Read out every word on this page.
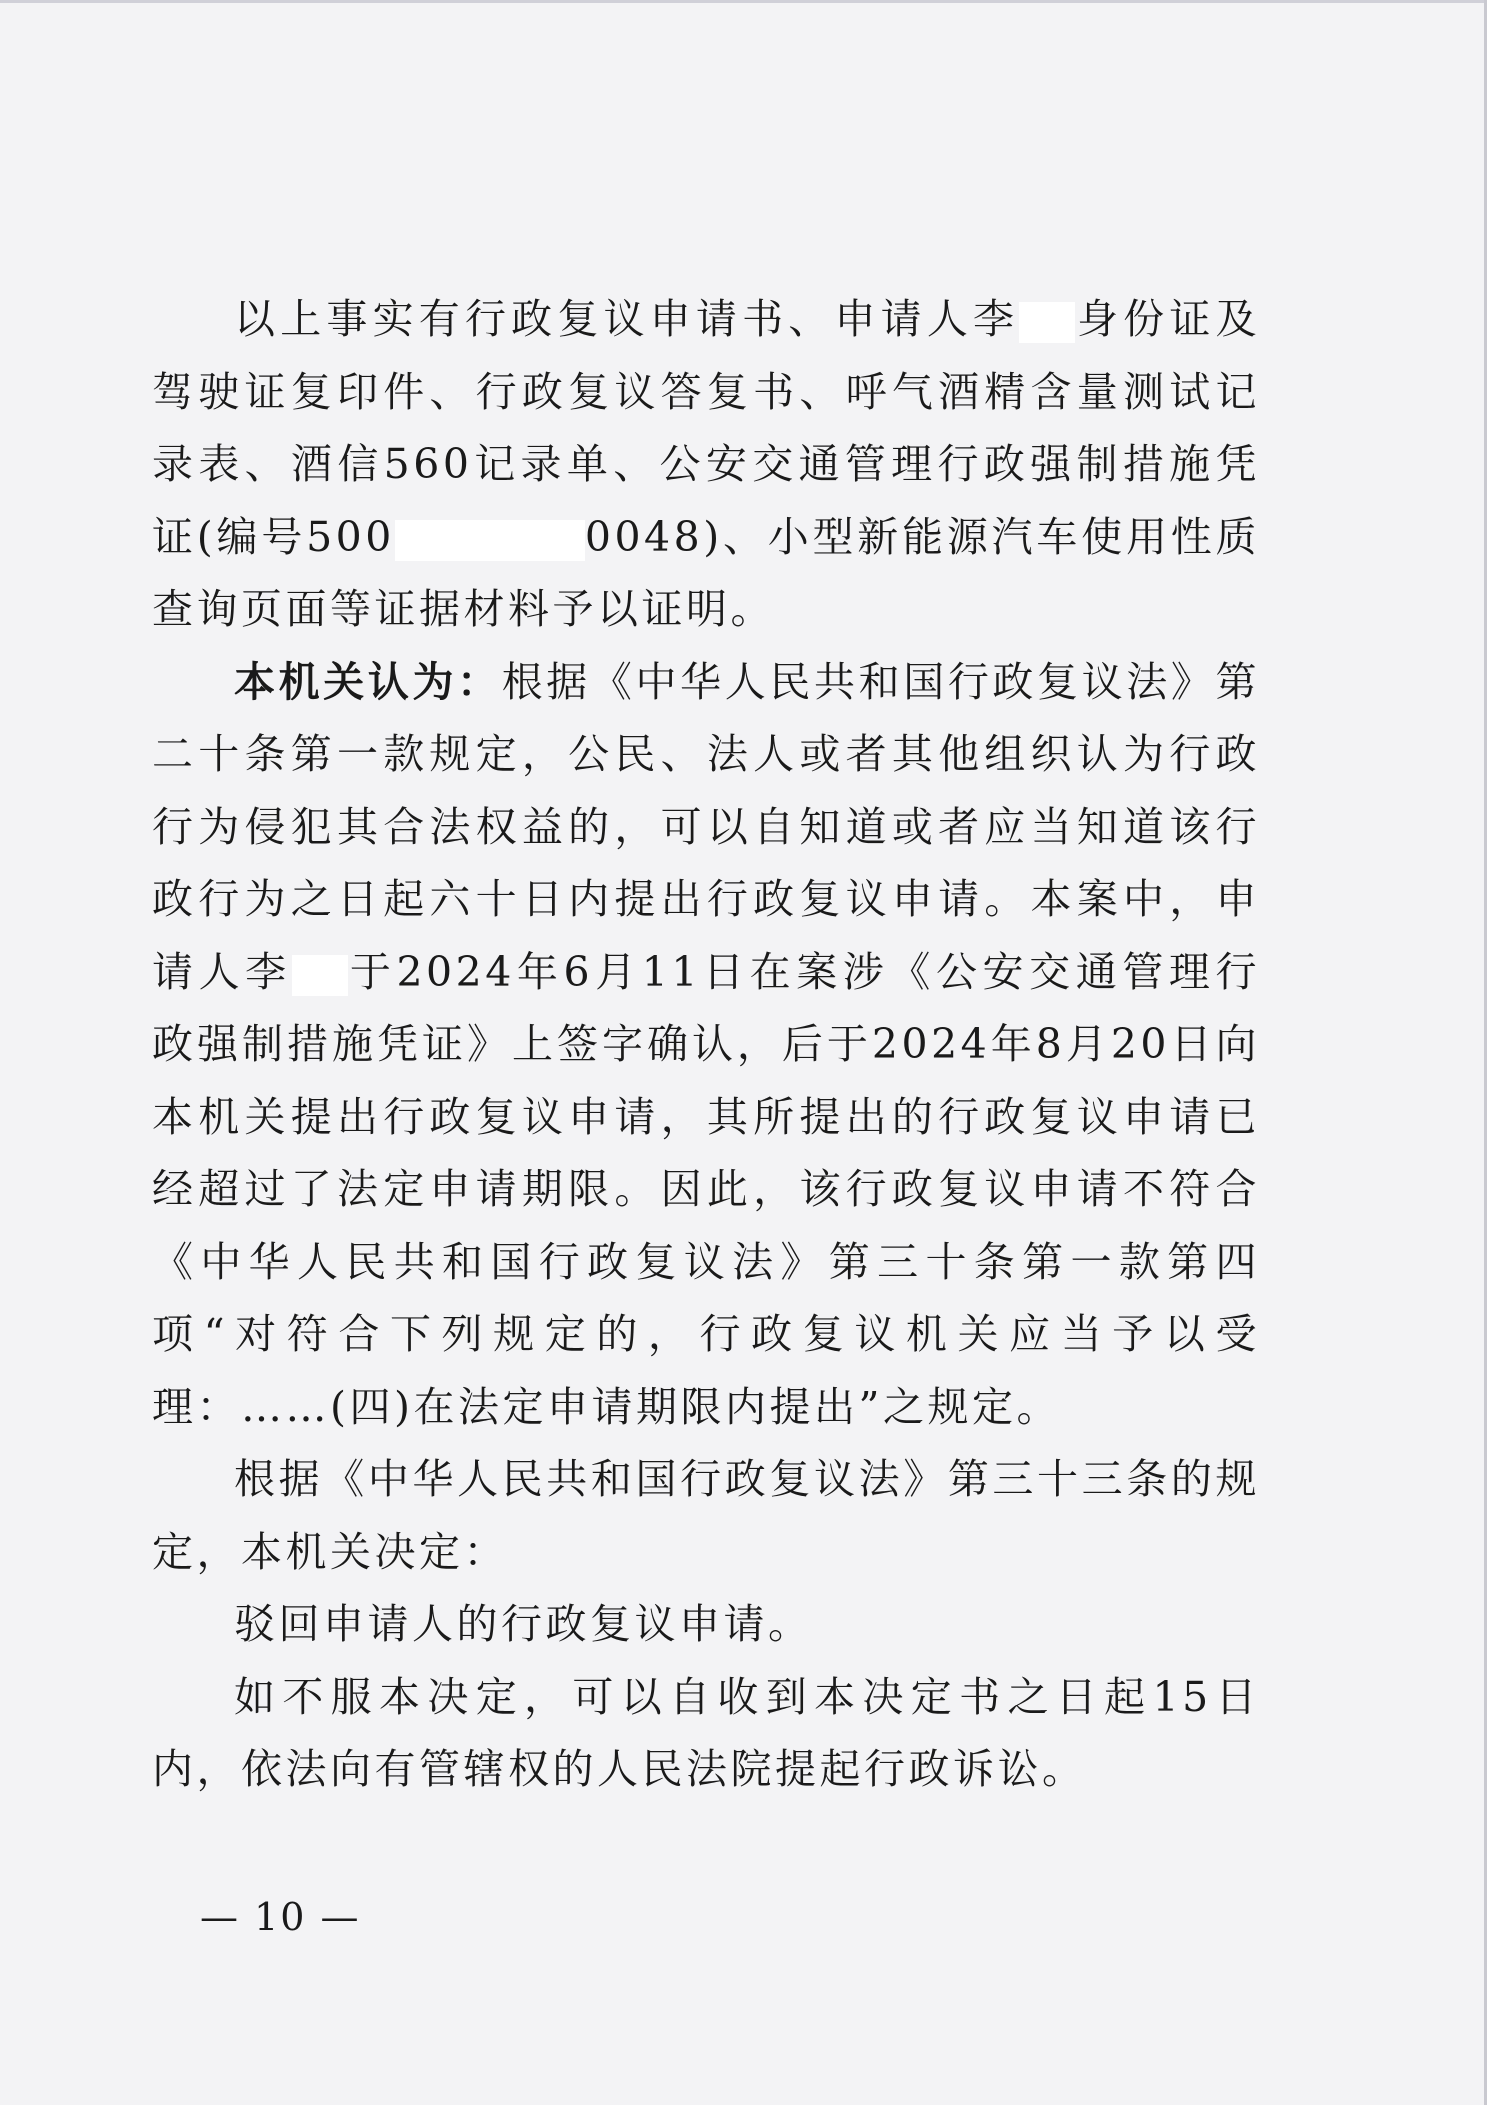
以上事实有行政复议申请书、申请人李 身份证及驾驶证复印件、行政复议答复书、呼气酒精含量测试记录表、酒信560记录单、公安交通管理行政强制措施凭证(编号500	0048)、小型新能源汽车使用性质查询页面等证据材料予以证明。

本机关认为：根据《中华人民共和国行政复议法》第二十条第一款规定，公民、法人或者其他组织认为行政行为侵犯其合法权益的，可以自知道或者应当知道该行政行为之日起六十日内提出行政复议申请。本案中，申请人李 于2024年6月11日在案涉《公安交通管理行政强制措施凭证》上签字确认，后于2024年8月20日向本机关提出行政复议申请，其所提出的行政复议申请已经超过了法定申请期限。因此，该行政复议申请不符合《中华人民共和国行政复议法》第三十条第一款第四项“对符合下列规定的，行政复议机关应当予以受理：……(四)在法定申请期限内提出”之规定。

根据《中华人民共和国行政复议法》第三十三条的规定，本机关决定：

驳回申请人的行政复议申请。

如不服本决定，可以自收到本决定书之日起15日内，依法向有管辖权的人民法院提起行政诉讼。

— 10 —
